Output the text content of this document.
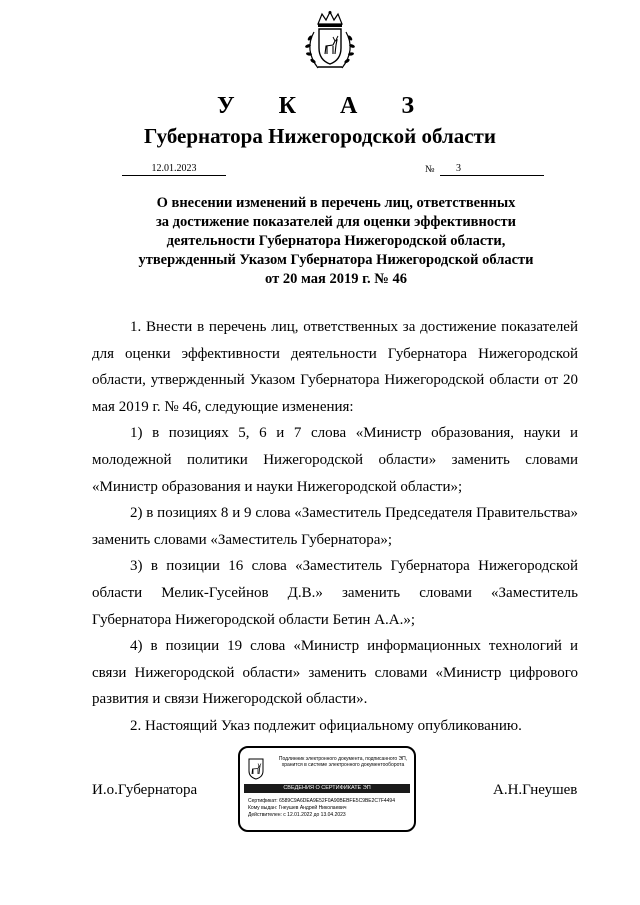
У К А З
Губернатора Нижегородской области
12.01.2023	№ 3
О внесении изменений в перечень лиц, ответственных
за достижение показателей для оценки эффективности
деятельности Губернатора Нижегородской области,
утвержденный Указом Губернатора Нижегородской области
от 20 мая 2019 г. № 46

1. Внести в перечень лиц, ответственных за достижение показателей для оценки эффективности деятельности Губернатора Нижегородской области, утвержденный Указом Губернатора Нижегородской области от 20 мая 2019 г. № 46, следующие изменения:

1) в позициях 5, 6 и 7 слова «Министр образования, науки и молодежной политики Нижегородской области» заменить словами «Министр образования и науки Нижегородской области»;

2) в позициях 8 и 9 слова «Заместитель Председателя Правительства» заменить словами «Заместитель Губернатора»;

3) в позиции 16 слова «Заместитель Губернатора Нижегородской области Мелик-Гусейнов Д.В.» заменить словами «Заместитель Губернатора Нижегородской области Бетин А.А.»;

4) в позиции 19 слова «Министр информационных технологий и связи Нижегородской области» заменить словами «Министр цифрового развития и связи Нижегородской области».

2. Настоящий Указ подлежит официальному опубликованию.

И.о.Губернатора	А.Н.Гнеушев
Подлинник электронного документа, подписанного ЭП,
хранится в системе электронного документооборота
СВЕДЕНИЯ О СЕРТИФИКАТЕ ЭП
Сертификат: 6589C9A6DEA9E52F0A90BEBFE5C9BE2C7F4494
Кому выдан: Гнеушев Андрей Николаевич
Действителен: с 12.01.2022 до 13.04.2023
